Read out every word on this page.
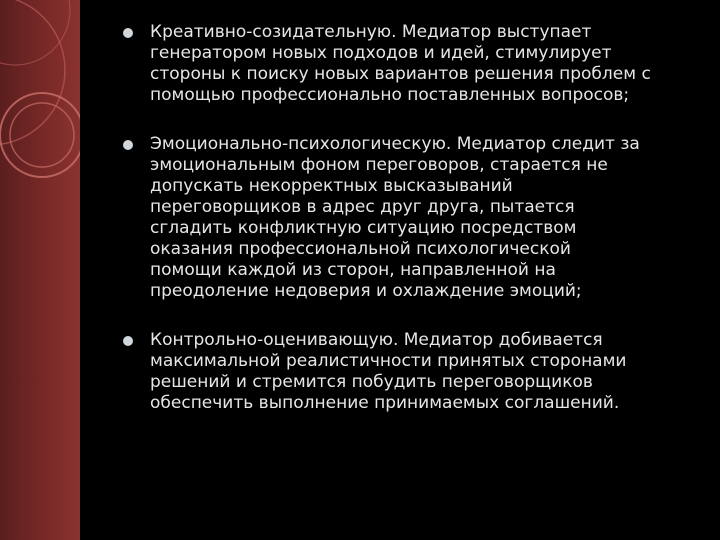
Креативно-созидательную. Медиатор выступает
генератором новых подходов и идей, стимулирует
стороны к поиску новых вариантов решения проблем с
помощью профессионально поставленных вопросов;
Эмоционально-психологическую. Медиатор следит за
эмоциональным фоном переговоров, старается не
допускать некорректных высказываний
переговорщиков в адрес друг друга, пытается
сгладить конфликтную ситуацию посредством
оказания профессиональной психологической
помощи каждой из сторон, направленной на
преодоление недоверия и охлаждение эмоций;
Контрольно-оценивающую. Медиатор добивается
максимальной реалистичности принятых сторонами
решений и стремится побудить переговорщиков
обеспечить выполнение принимаемых соглашений.
